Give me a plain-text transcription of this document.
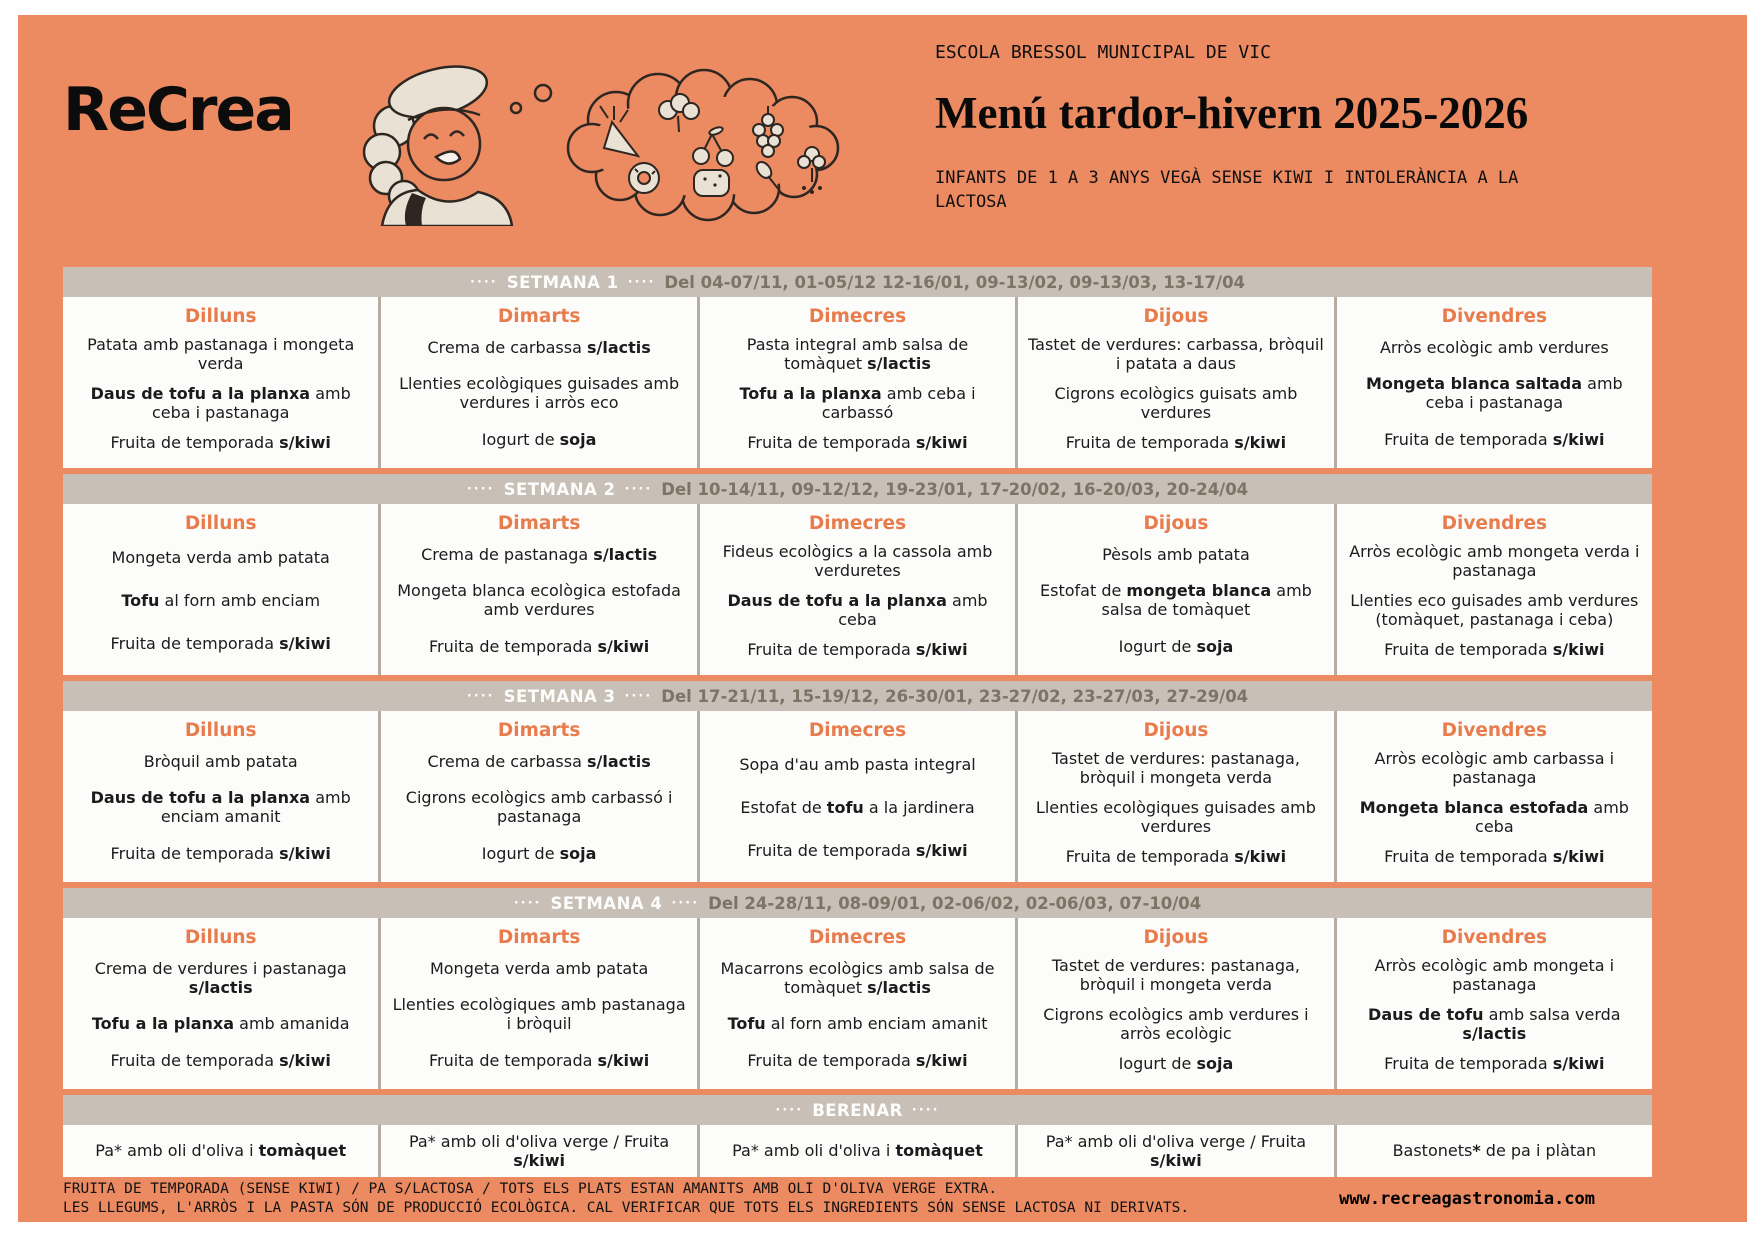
ReCrea
ESCOLA BRESSOL MUNICIPAL DE VIC
Menú tardor-hivern 2025-2026
INFANTS DE 1 A 3 ANYS VEGÀ SENSE KIWI I INTOLERÀNCIA A LA LACTOSA
···· SETMANA 1 ···· Del 04-07/11, 01-05/12 12-16/01, 09-13/02, 09-13/03, 13-17/04
Dilluns
Patata amb pastanaga i mongeta verda
Daus de tofu a la planxa amb ceba i pastanaga
Fruita de temporada s/kiwi
Dimarts
Crema de carbassa s/lactis
Llenties ecològiques guisades amb verdures i arròs eco
Iogurt de soja
Dimecres
Pasta integral amb salsa de tomàquet s/lactis
Tofu a la planxa amb ceba i carbassó
Fruita de temporada s/kiwi
Dijous
Tastet de verdures: carbassa, bròquil i patata a daus
Cigrons ecològics guisats amb verdures
Fruita de temporada s/kiwi
Divendres
Arròs ecològic amb verdures
Mongeta blanca saltada amb ceba i pastanaga
Fruita de temporada s/kiwi
···· SETMANA 2 ···· Del 10-14/11, 09-12/12, 19-23/01, 17-20/02, 16-20/03, 20-24/04
Dilluns
Mongeta verda amb patata
Tofu al forn amb enciam
Fruita de temporada s/kiwi
Dimarts
Crema de pastanaga s/lactis
Mongeta blanca ecològica estofada amb verdures
Fruita de temporada s/kiwi
Dimecres
Fideus ecològics a la cassola amb verduretes
Daus de tofu a la planxa amb ceba
Fruita de temporada s/kiwi
Dijous
Pèsols amb patata
Estofat de mongeta blanca amb salsa de tomàquet
Iogurt de soja
Divendres
Arròs ecològic amb mongeta verda i pastanaga
Llenties eco guisades amb verdures (tomàquet, pastanaga i ceba)
Fruita de temporada s/kiwi
···· SETMANA 3 ···· Del 17-21/11, 15-19/12, 26-30/01, 23-27/02, 23-27/03, 27-29/04
Dilluns
Bròquil amb patata
Daus de tofu a la planxa amb enciam amanit
Fruita de temporada s/kiwi
Dimarts
Crema de carbassa s/lactis
Cigrons ecològics amb carbassó i pastanaga
Iogurt de soja
Dimecres
Sopa d'au amb pasta integral
Estofat de tofu a la jardinera
Fruita de temporada s/kiwi
Dijous
Tastet de verdures: pastanaga, bròquil i mongeta verda
Llenties ecològiques guisades amb verdures
Fruita de temporada s/kiwi
Divendres
Arròs ecològic amb carbassa i pastanaga
Mongeta blanca estofada amb ceba
Fruita de temporada s/kiwi
···· SETMANA 4 ···· Del 24-28/11, 08-09/01, 02-06/02, 02-06/03, 07-10/04
Dilluns
Crema de verdures i pastanaga s/lactis
Tofu a la planxa amb amanida
Fruita de temporada s/kiwi
Dimarts
Mongeta verda amb patata
Llenties ecològiques amb pastanaga i bròquil
Fruita de temporada s/kiwi
Dimecres
Macarrons ecològics amb salsa de tomàquet s/lactis
Tofu al forn amb enciam amanit
Fruita de temporada s/kiwi
Dijous
Tastet de verdures: pastanaga, bròquil i mongeta verda
Cigrons ecològics amb verdures i arròs ecològic
Iogurt de soja
Divendres
Arròs ecològic amb mongeta i pastanaga
Daus de tofu amb salsa verda s/lactis
Fruita de temporada s/kiwi
···· BERENAR ····
Pa* amb oli d'oliva i tomàquet
Pa* amb oli d'oliva verge / Fruita s/kiwi
Pa* amb oli d'oliva i tomàquet
Pa* amb oli d'oliva verge / Fruita s/kiwi
Bastonets* de pa i plàtan
FRUITA DE TEMPORADA (SENSE KIWI) / PA S/LACTOSA / TOTS ELS PLATS ESTAN AMANITS AMB OLI D'OLIVA VERGE EXTRA.
LES LLEGUMS, L'ARRÒS I LA PASTA SÓN DE PRODUCCIÓ ECOLÒGICA. CAL VERIFICAR QUE TOTS ELS INGREDIENTS SÓN SENSE LACTOSA NI DERIVATS.	www.recreagastronomia.com
